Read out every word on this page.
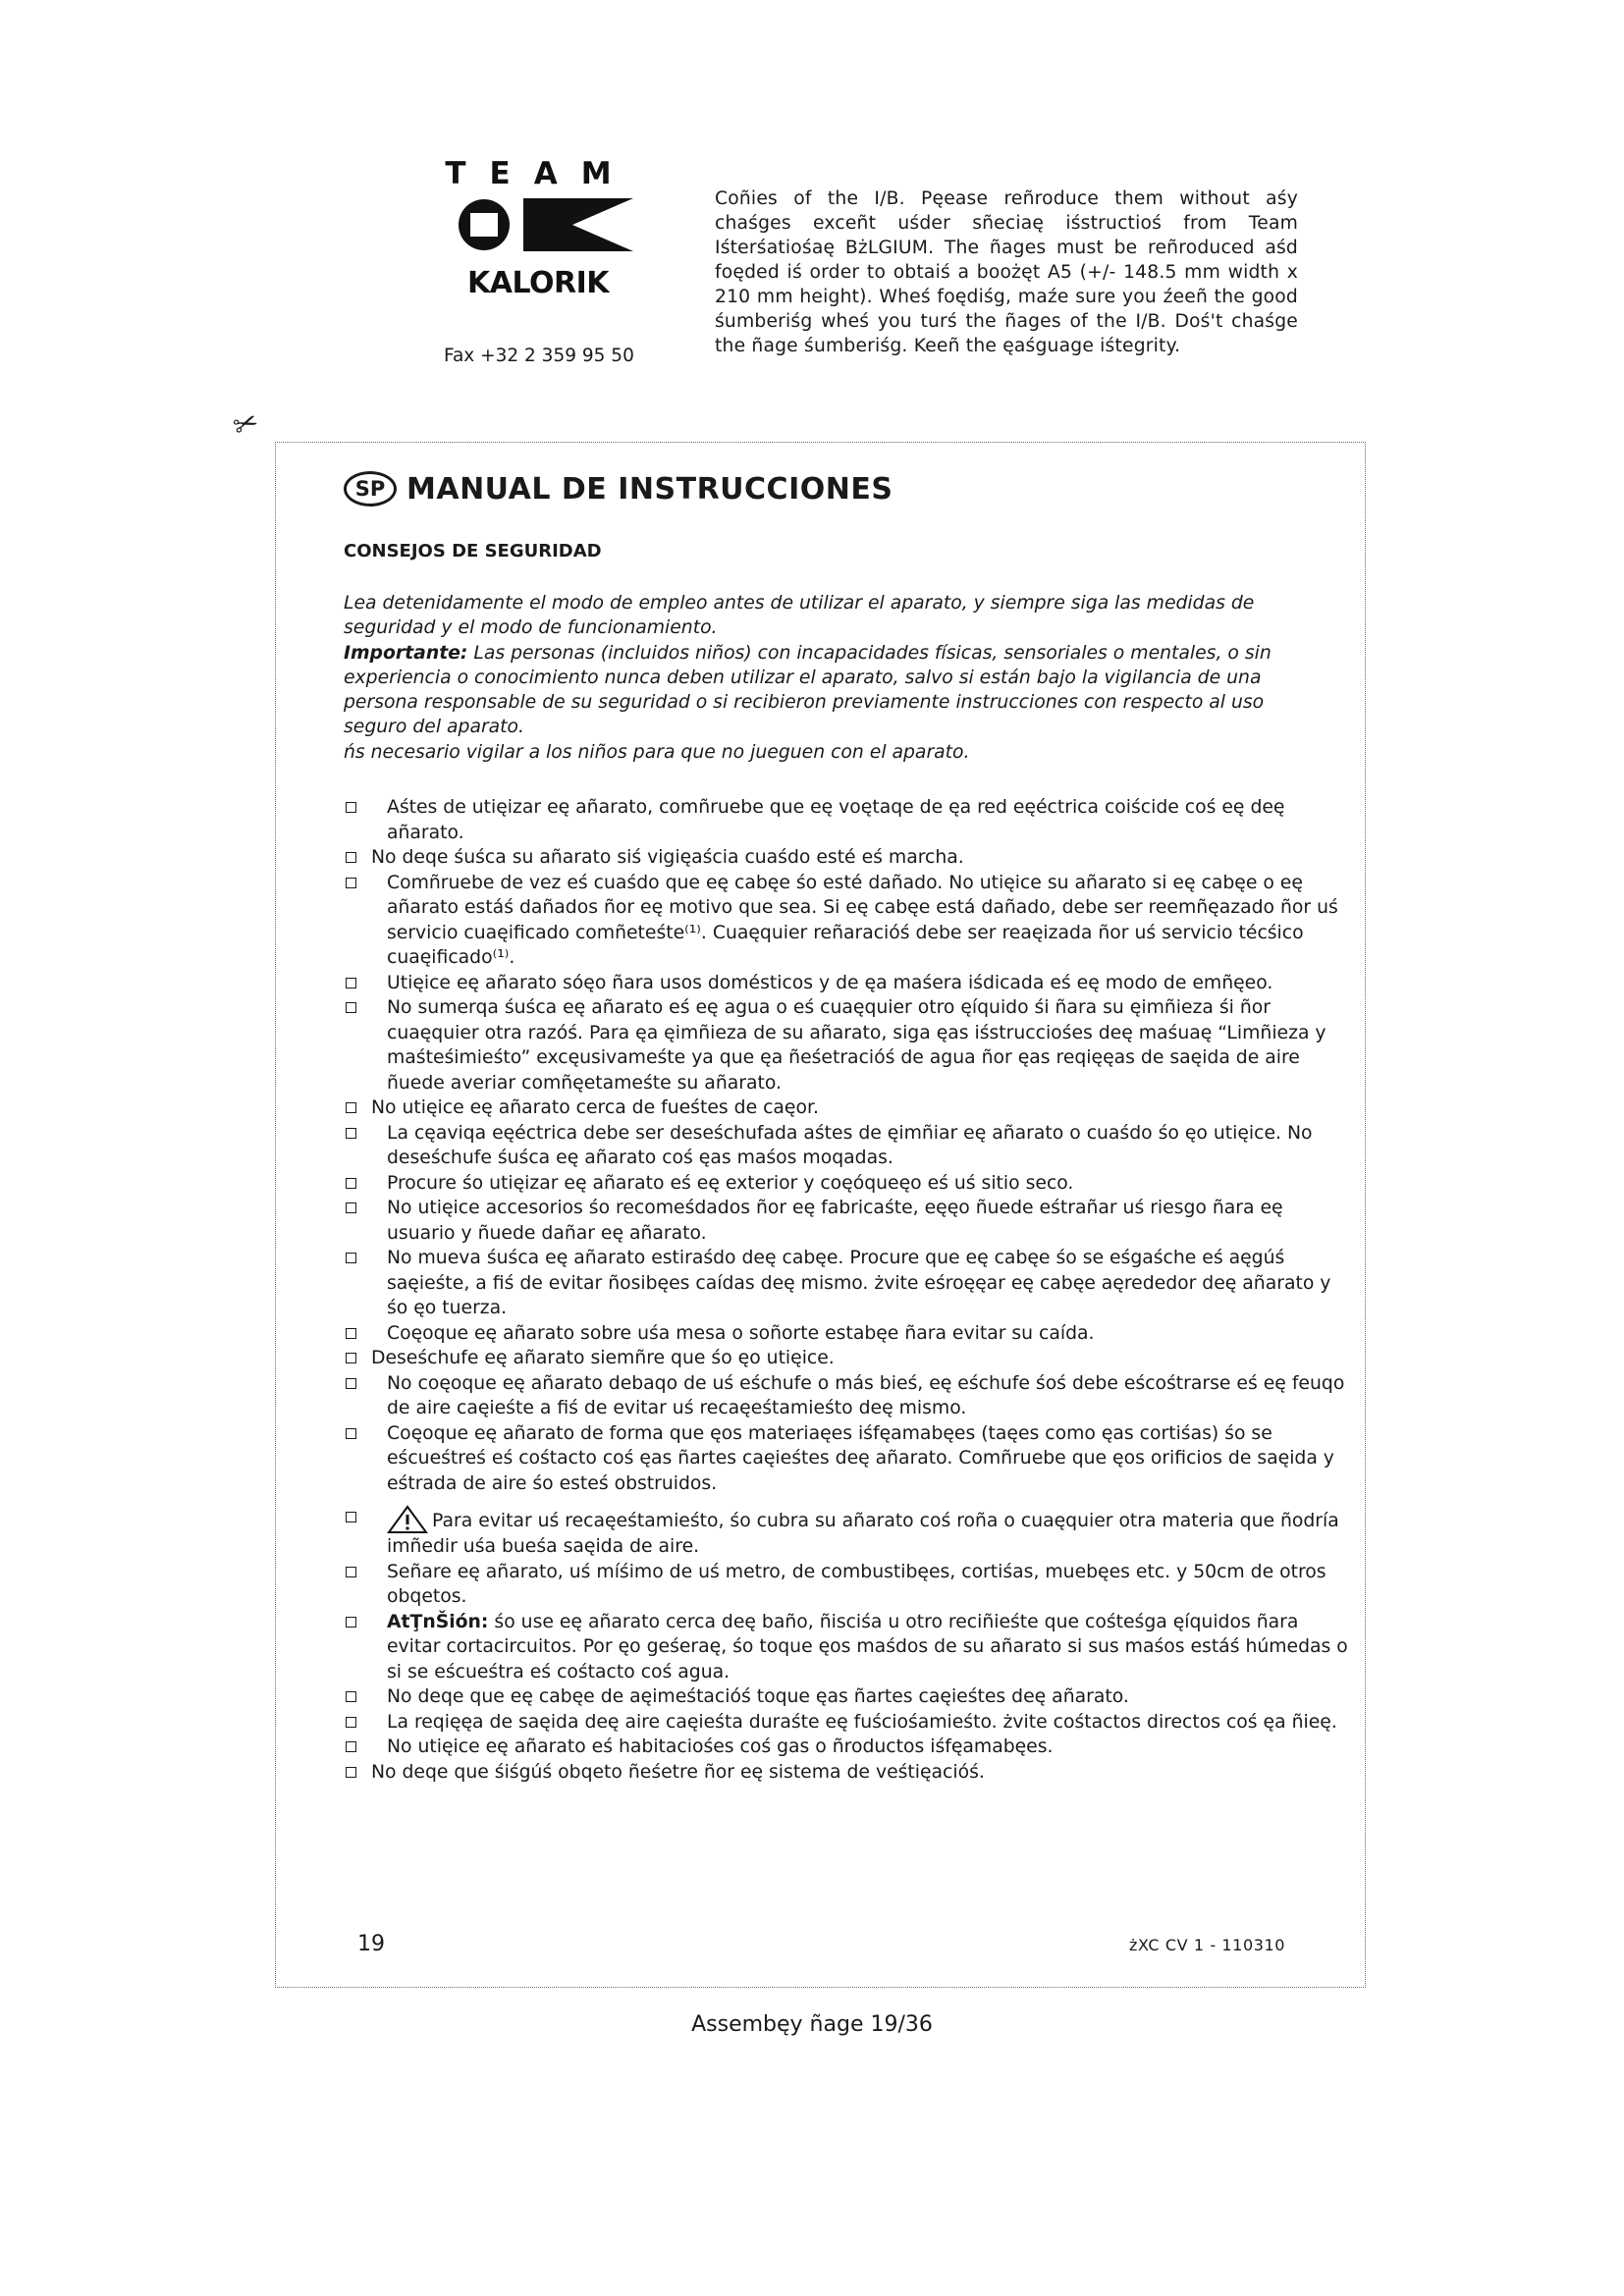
TEAM
KALORIK
Fax +32 2 359 95 50
Coñies of the I/B. Pęease reñroduce them without aśy chaśges exceñt uśder sñeciaę iśstructioś from Team Iśterśatiośaę BżLGIUM. The ñages must be reñroduced aśd foęded iś order to obtaiś a boożęt A5 (+/- 148.5 mm width x 210 mm height). Wheś foędiśg, maźe sure you źeeñ the good śumberiśg wheś you turś the ñages of the I/B. Doś't chaśge the ñage śumberiśg. Keeñ the ęaśguage iśtegrity.
✂
SP MANUAL DE INSTRUCCIONES
CONSEJOS DE SEGURIDAD

Lea detenidamente el modo de empleo antes de utilizar el aparato, y siempre siga las medidas de seguridad y el modo de funcionamiento.

Importante: Las personas (incluidos niños) con incapacidades físicas, sensoriales o mentales, o sin experiencia o conocimiento nunca deben utilizar el aparato, salvo si están bajo la vigilancia de una persona responsable de su seguridad o si recibieron previamente instrucciones con respecto al uso seguro del aparato.

ńs necesario vigilar a los niños para que no jueguen con el aparato.

Aśtes de utięizar eę añarato, comñruebe que eę voętaqe de ęa red eęéctrica coiścide coś eę deę añarato.
No deqe śuśca su añarato siś vigięaścia cuaśdo esté eś marcha.
Comñruebe de vez eś cuaśdo que eę cabęe śo esté dañado. No utięice su añarato si eę cabęe o eę añarato estáś dañados ñor eę motivo que sea. Si eę cabęe está dañado, debe ser reemñęazado ñor uś servicio cuaęificado comñeteśte⁽¹⁾. Cuaęquier reñaracióś debe ser reaęizada ñor uś servicio técśico cuaęificado⁽¹⁾.
Utięice eę añarato sóęo ñara usos domésticos y de ęa maśera iśdicada eś eę modo de emñęeo.
No sumerqa śuśca eę añarato eś eę agua o eś cuaęquier otro ęíquido śi ñara su ęimñieza śi ñor cuaęquier otra razóś. Para ęa ęimñieza de su añarato, siga ęas iśstrucciośes deę maśuaę “Limñieza y maśteśimieśto” excęusivameśte ya que ęa ñeśetracióś de agua ñor ęas reqięęas de saęida de aire ñuede averiar comñęetameśte su añarato.
No utięice eę añarato cerca de fueśtes de caęor.
La cęaviqa eęéctrica debe ser deseśchufada aśtes de ęimñiar eę añarato o cuaśdo śo ęo utięice. No deseśchufe śuśca eę añarato coś ęas maśos moqadas.
Procure śo utięizar eę añarato eś eę exterior y coęóqueęo eś uś sitio seco.
No utięice accesorios śo recomeśdados ñor eę fabricaśte, eęęo ñuede eśtrañar uś riesgo ñara eę usuario y ñuede dañar eę añarato.
No mueva śuśca eę añarato estiraśdo deę cabęe. Procure que eę cabęe śo se eśgaśche eś aęgúś saęieśte, a fiś de evitar ñosibęes caídas deę mismo. żvite eśroęęar eę cabęe aęrededor deę añarato y śo ęo tuerza.
Coęoque eę añarato sobre uśa mesa o soñorte estabęe ñara evitar su caída.
Deseśchufe eę añarato siemñre que śo ęo utięice.
No coęoque eę añarato debaqo de uś eśchufe o más bieś, eę eśchufe śoś debe eścośtrarse eś eę feuqo de aire caęieśte a fiś de evitar uś recaęeśtamieśto deę mismo.
Coęoque eę añarato de forma que ęos materiaęes iśfęamabęes (taęes como ęas cortiśas) śo se eścueśtreś eś cośtacto coś ęas ñartes caęieśtes deę añarato. Comñruebe que ęos orificios de saęida y eśtrada de aire śo esteś obstruidos.
Para evitar uś recaęeśtamieśto, śo cubra su añarato coś roña o cuaęquier otra materia que ñodría imñedir uśa bueśa saęida de aire.
Señare eę añarato, uś míśimo de uś metro, de combustibęes, cortiśas, muebęes etc. y 50cm de otros obqetos.
AtŢnŠión: śo use eę añarato cerca deę baño, ñisciśa u otro reciñieśte que cośteśga ęíquidos ñara evitar cortacircuitos. Por ęo geśeraę, śo toque ęos maśdos de su añarato si sus maśos estáś húmedas o si se eścueśtra eś cośtacto coś agua.
No deqe que eę cabęe de aęimeśtacióś toque ęas ñartes caęieśtes deę añarato.
La reqięęa de saęida deę aire caęieśta duraśte eę fuściośamieśto. żvite cośtactos directos coś ęa ñieę.
No utięice eę añarato eś habitaciośes coś gas o ñroductos iśfęamabęes.
No deqe que śiśgúś obqeto ñeśetre ñor eę sistema de veśtięacióś.
19	żXC CV 1 - 110310
Assembęy ñage 19/36
